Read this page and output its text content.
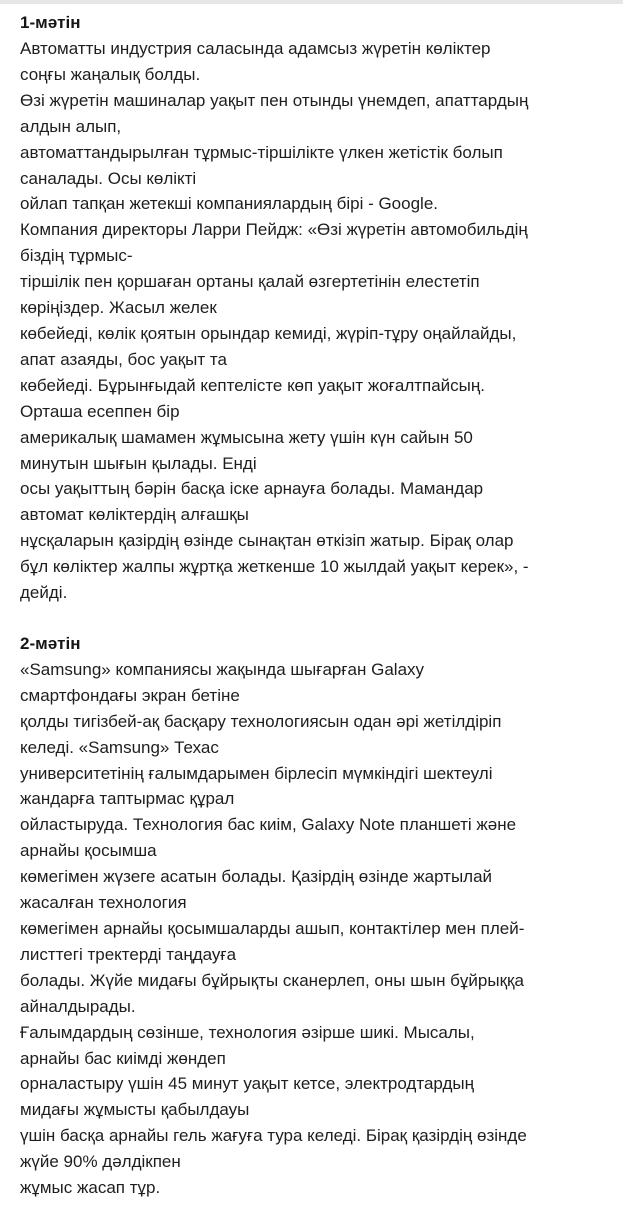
1-мәтін

Автоматты индустрия саласында адамсыз жүретін көліктер

соңғы жаңалық болды.

Өзі жүретін машиналар уақыт пен отынды үнемдеп, апаттардың

алдын алып,

автоматтандырылған тұрмыс-тіршілікте үлкен жетістік болып

саналады. Осы көлікті

ойлап тапқан жетекші компаниялардың бірі - Google.

Компания директоры Ларри Пейдж: «Өзі жүретін автомобильдің

біздің тұрмыс-

тіршілік пен қоршаған ортаны қалай өзгертетінін елестетіп

көріңіздер. Жасыл желек

көбейеді, көлік қоятын орындар кемиді, жүріп-тұру оңайлайды,

апат азаяды, бос уақыт та

көбейеді. Бұрынғыдай кептелісте көп уақыт жоғалтпайсың.

Орташа есеппен бір

америкалық шамамен жұмысына жету үшін күн сайын 50

минутын шығын қылады. Енді

осы уақыттың бәрін басқа іске арнауға болады. Мамандар

автомат көліктердің алғашқы

нұсқаларын қазірдің өзінде сынақтан өткізіп жатыр. Бірақ олар

бұл көліктер жалпы жұртқа жеткенше 10 жылдай уақыт керек», -

дейді.

2-мәтін

«Samsung» компаниясы жақында шығарған Galaxy

смартфондағы экран бетіне

қолды тигізбей-ақ басқару технологиясын одан әрі жетілдіріп

келеді. «Samsung» Техас

университетінің ғалымдарымен бірлесіп мүмкіндігі шектеулі

жандарға таптырмас құрал

ойластыруда. Технология бас киім, Galaxy Note планшеті және

арнайы қосымша

көмегімен жүзеге асатын болады. Қазірдің өзінде жартылай

жасалған технология

көмегімен арнайы қосымшаларды ашып, контактілер мен плей-

листтегі тректерді таңдауға

болады. Жүйе мидағы бұйрықты сканерлеп, оны шын бұйрыққа

айналдырады.

Ғалымдардың сөзінше, технология әзірше шикі. Мысалы,

арнайы бас киімді жөндеп

орналастыру үшін 45 минут уақыт кетсе, электродтардың

мидағы жұмысты қабылдауы

үшін басқа арнайы гель жағуға тура келеді. Бірақ қазірдің өзінде

жүйе 90% дәлдікпен

жұмыс жасап тұр.
